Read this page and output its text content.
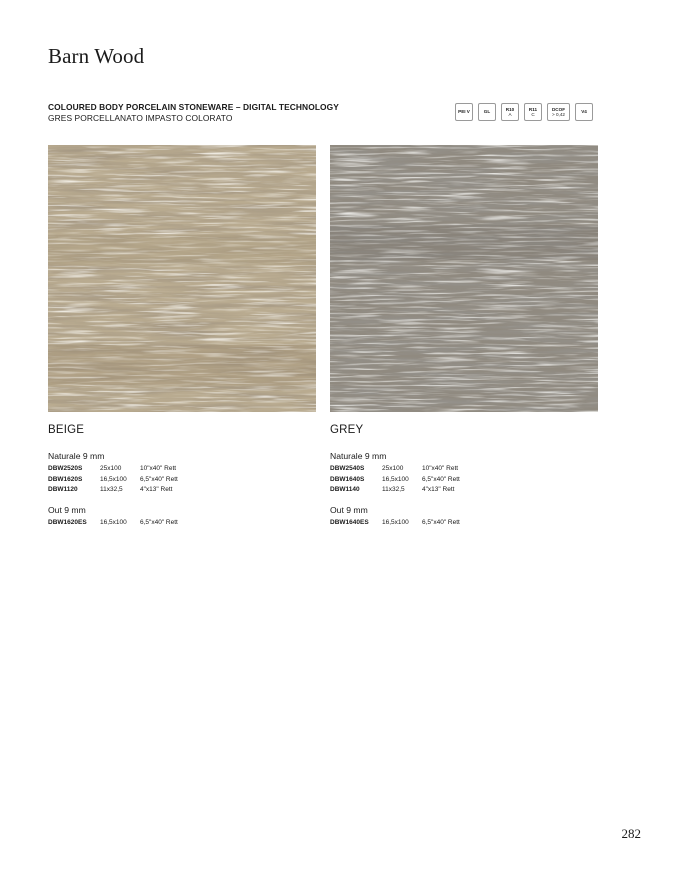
Barn Wood
COLOURED BODY PORCELAIN STONEWARE – DIGITAL TECHNOLOGY
GRES PORCELLANATO IMPASTO COLORATO
PEI V	GL
R10
A
R11
C
DCOF
> 0,42
V4
BEIGE
Naturale 9 mm
DBW2520S	25x100	10"x40" Rett
DBW1620S	16,5x100	6,5"x40" Rett
DBW1120	11x32,5	4"x13" Rett
Out 9 mm
DBW1620ES	16,5x100	6,5"x40" Rett
GREY
Naturale 9 mm
DBW2540S	25x100	10"x40" Rett
DBW1640S	16,5x100	6,5"x40" Rett
DBW1140	11x32,5	4"x13" Rett
Out 9 mm
DBW1640ES	16,5x100	6,5"x40" Rett
282
